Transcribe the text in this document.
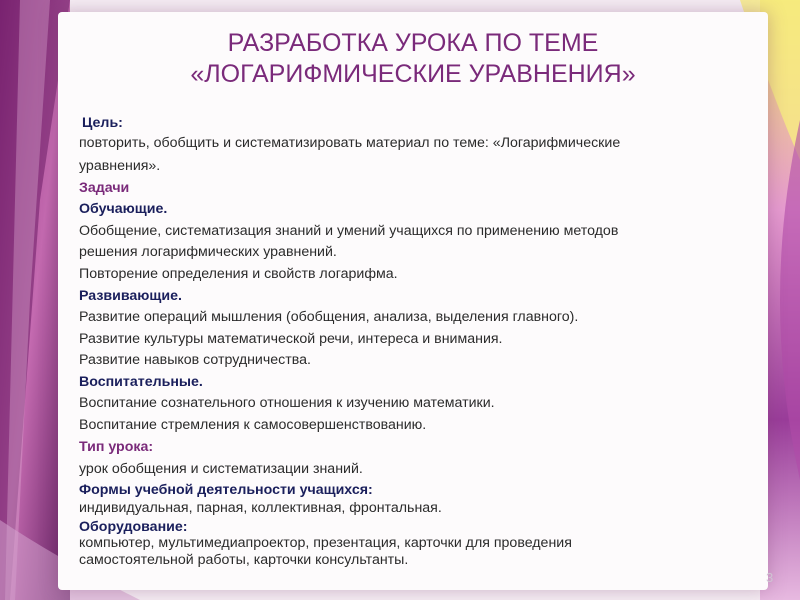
РАЗРАБОТКА УРОКА ПО ТЕМЕ
«ЛОГАРИФМИЧЕСКИЕ УРАВНЕНИЯ»
Цель:
повторить, обобщить и систематизировать материал по теме: «Логарифмические
уравнения».
Задачи
Обучающие.
Обобщение, систематизация знаний и умений учащихся по применению методов
решения логарифмических уравнений.
Повторение определения и свойств логарифма.
Развивающие.
Развитие операций мышления (обобщения, анализа, выделения главного).
Развитие культуры математической речи, интереса и внимания.
Развитие навыков сотрудничества.
Воспитательные.
Воспитание сознательного отношения к изучению математики.
Воспитание стремления к самосовершенствованию.
Тип урока:
урок обобщения и систематизации знаний.
Формы учебной деятельности учащихся:
индивидуальная, парная, коллективная, фронтальная.
Оборудование:
компьютер, мультимедиапроектор, презентация, карточки для проведения
самостоятельной работы, карточки консультанты.
3
